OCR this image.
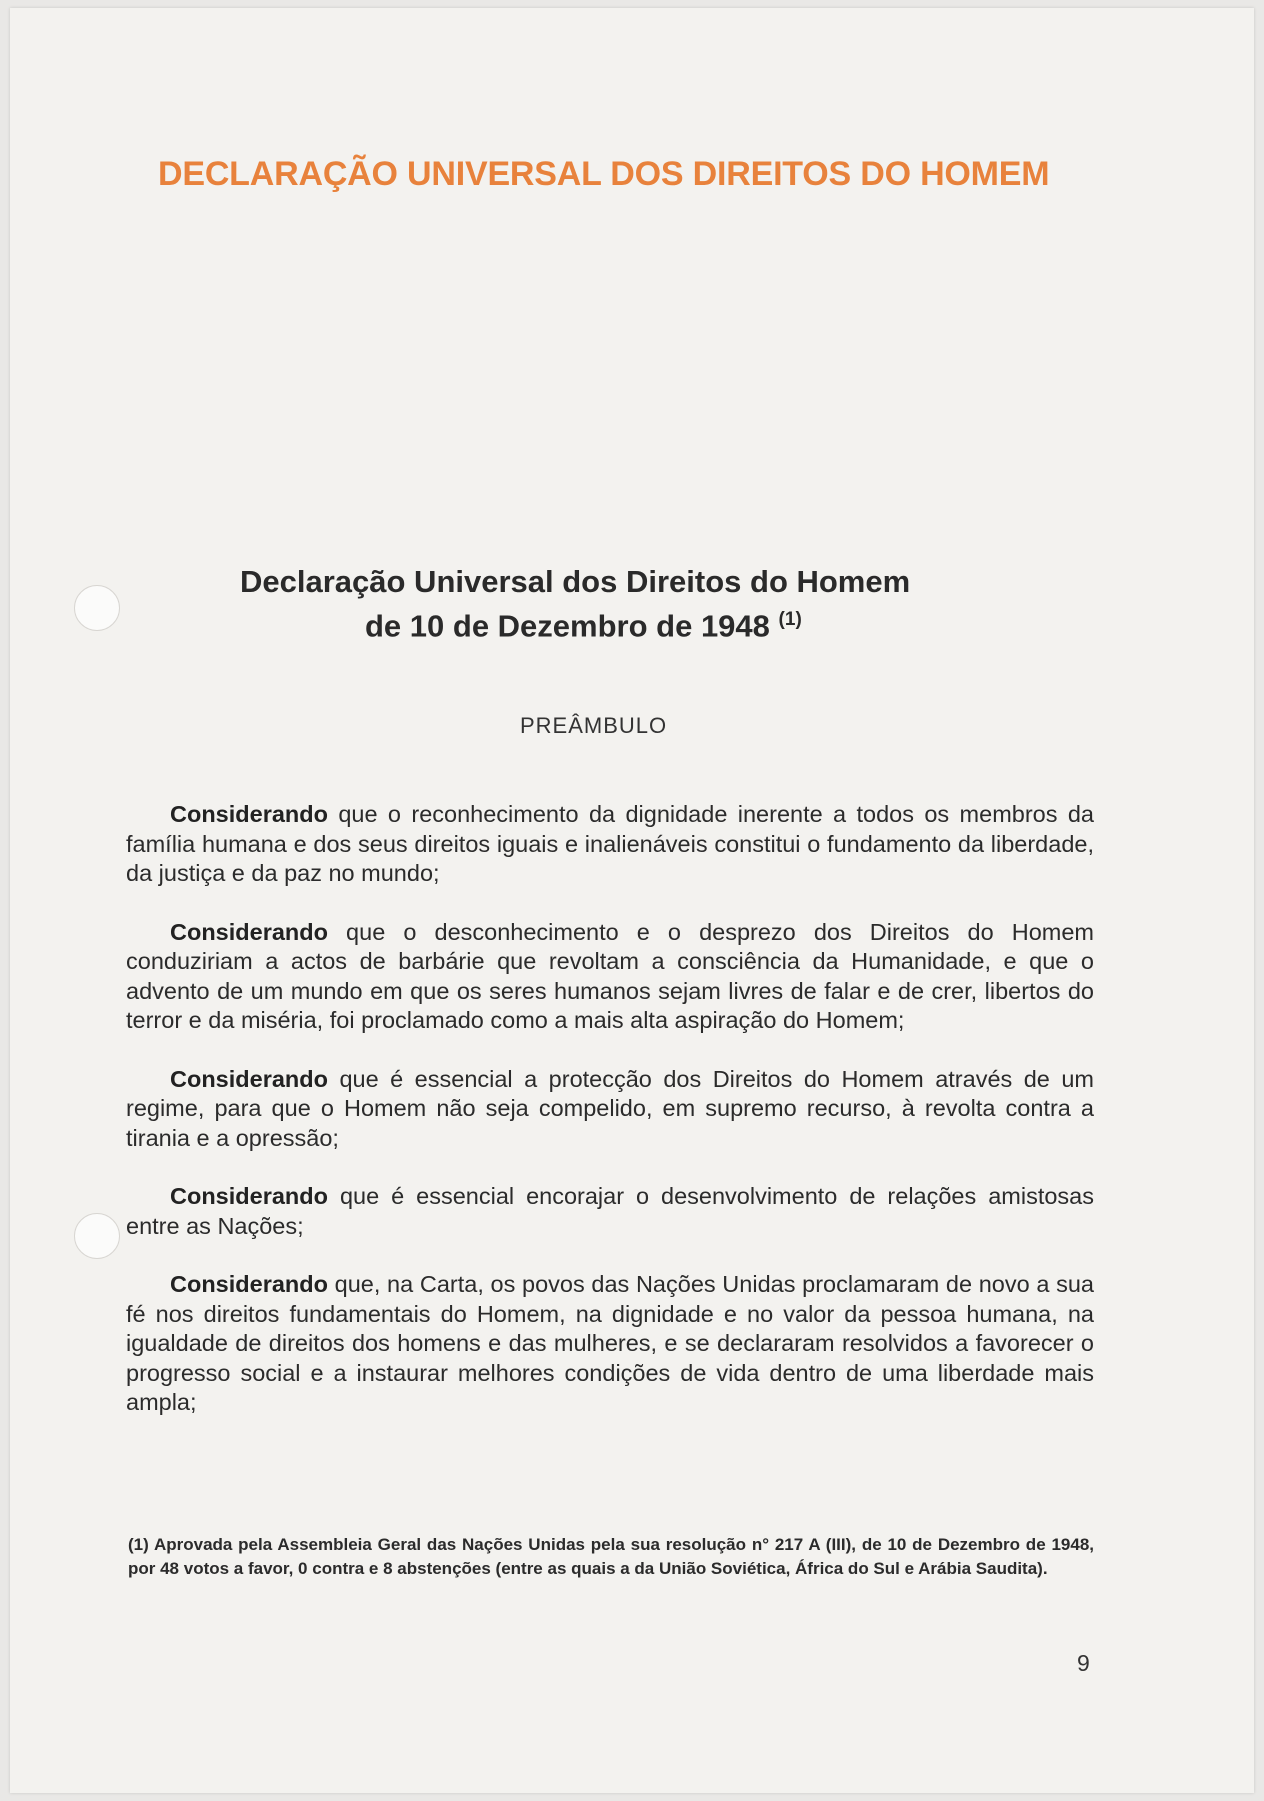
DECLARAÇÃO UNIVERSAL DOS DIREITOS DO HOMEM
Declaração Universal dos Direitos do Homem
de 10 de Dezembro de 1948 $^{(1)}$
PREÂMBULO

Considerando que o reconhecimento da dignidade inerente a todos os membros da família humana e dos seus direitos iguais e inalienáveis constitui o fundamento da liberdade, da justiça e da paz no mundo;

Considerando que o desconhecimento e o desprezo dos Direitos do Homem conduziriam a actos de barbárie que revoltam a consciência da Humanidade, e que o advento de um mundo em que os seres humanos sejam livres de falar e de crer, libertos do terror e da miséria, foi proclamado como a mais alta aspiração do Homem;

Considerando que é essencial a protecção dos Direitos do Homem através de um regime, para que o Homem não seja compelido, em supremo recurso, à revolta contra a tirania e a opressão;

Considerando que é essencial encorajar o desenvolvimento de relações amistosas entre as Nações;

Considerando que, na Carta, os povos das Nações Unidas proclamaram de novo a sua fé nos direitos fundamentais do Homem, na dignidade e no valor da pessoa humana, na igualdade de direitos dos homens e das mulheres, e se declararam resolvidos a favorecer o progresso social e a instaurar melhores condições de vida dentro de uma liberdade mais ampla;

(1) Aprovada pela Assembleia Geral das Nações Unidas pela sua resolução n° 217 A (III), de 10 de Dezembro de 1948, por 48 votos a favor, 0 contra e 8 abstenções (entre as quais a da União Soviética, África do Sul e Arábia Saudita).
9
